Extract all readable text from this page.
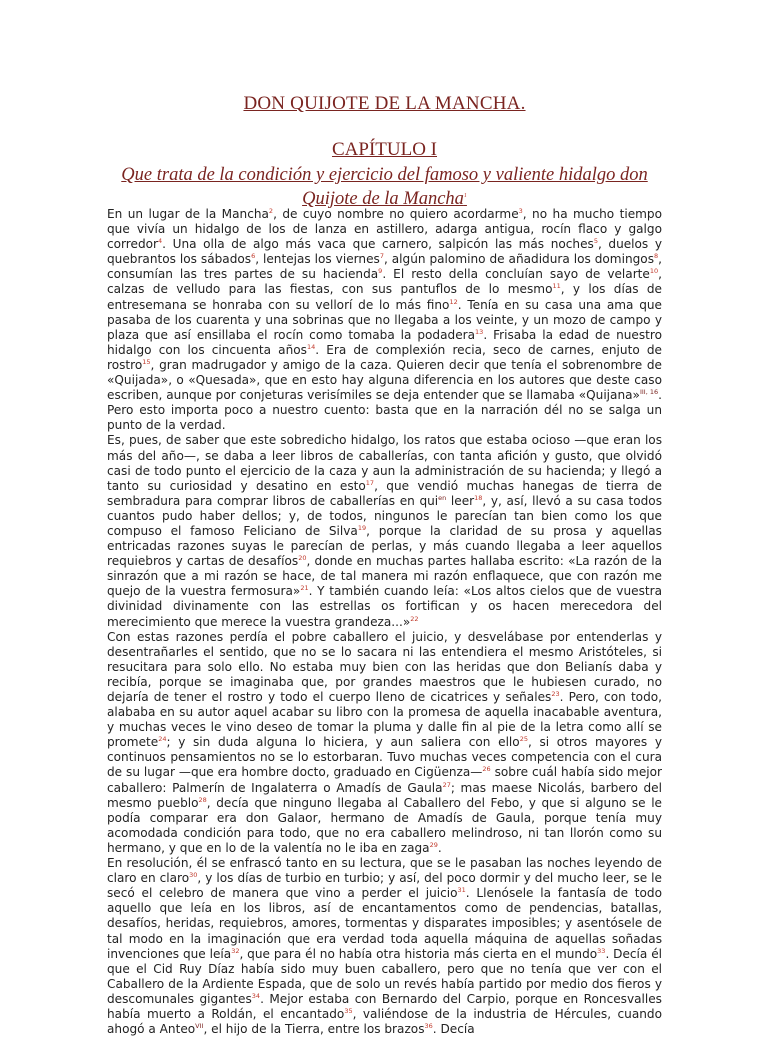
DON QUIJOTE DE LA MANCHA.
CAPÍTULO I
Que trata de la condición y ejercicio del famoso y valiente hidalgo don Quijote de la Mancha$^1$

En un lugar de la Mancha$^2$, de cuyo nombre no quiero acordarme$^3$, no ha mucho tiempo que vivía un hidalgo de los de lanza en astillero, adarga antigua, rocín flaco y galgo corredor$^4$. Una olla de algo más vaca que carnero, salpicón las más noches$^5$, duelos y quebrantos los sábados$^6$, lentejas los viernes$^7$, algún palomino de añadidura los domingos$^8$, consumían las tres partes de su hacienda$^9$. El resto della concluían sayo de velarte$^{10}$, calzas de velludo para las fiestas, con sus pantuflos de lo mesmo$^{11}$, y los días de entresemana se honraba con su vellorí de lo más fino$^{12}$. Tenía en su casa una ama que pasaba de los cuarenta y una sobrinas que no llegaba a los veinte, y un mozo de campo y plaza que así ensillaba el rocín como tomaba la podadera$^{13}$. Frisaba la edad de nuestro hidalgo con los cincuenta años$^{14}$. Era de complexión recia, seco de carnes, enjuto de rostro$^{15}$, gran madrugador y amigo de la caza. Quieren decir que tenía el sobrenombre de «Quijada», o «Quesada», que en esto hay alguna diferencia en los autores que deste caso escriben, aunque por conjeturas verisímiles se deja entender que se llamaba «Quijana»$^{III, 16}$. Pero esto importa poco a nuestro cuento: basta que en la narración dél no se salga un punto de la verdad.

Es, pues, de saber que este sobredicho hidalgo, los ratos que estaba ocioso —que eran los más del año—, se daba a leer libros de caballerías, con tanta afición y gusto, que olvidó casi de todo punto el ejercicio de la caza y aun la administración de su hacienda; y llegó a tanto su curiosidad y desatino en esto$^{17}$, que vendió muchas hanegas de tierra de sembradura para comprar libros de caballerías en qui$^{en}$ leer$^{18}$, y, así, llevó a su casa todos cuantos pudo haber dellos; y, de todos, ningunos le parecían tan bien como los que compuso el famoso Feliciano de Silva$^{19}$, porque la claridad de su prosa y aquellas entricadas razones suyas le parecían de perlas, y más cuando llegaba a leer aquellos requiebros y cartas de desafíos$^{20}$, donde en muchas partes hallaba escrito: «La razón de la sinrazón que a mi razón se hace, de tal manera mi razón enflaquece, que con razón me quejo de la vuestra fermosura»$^{21}$. Y también cuando leía: «Los altos cielos que de vuestra divinidad divinamente con las estrellas os fortifican y os hacen merecedora del merecimiento que merece la vuestra grandeza...»$^{22}$

Con estas razones perdía el pobre caballero el juicio, y desvelábase por entenderlas y desentrañarles el sentido, que no se lo sacara ni las entendiera el mesmo Aristóteles, si resucitara para solo ello. No estaba muy bien con las heridas que don Belianís daba y recibía, porque se imaginaba que, por grandes maestros que le hubiesen curado, no dejaría de tener el rostro y todo el cuerpo lleno de cicatrices y señales$^{23}$. Pero, con todo, alababa en su autor aquel acabar su libro con la promesa de aquella inacabable aventura, y muchas veces le vino deseo de tomar la pluma y dalle fin al pie de la letra como allí se promete$^{24}$; y sin duda alguna lo hiciera, y aun saliera con ello$^{25}$, si otros mayores y continuos pensamientos no se lo estorbaran. Tuvo muchas veces competencia con el cura de su lugar —que era hombre docto, graduado en Cigüenza—$^{26}$ sobre cuál había sido mejor caballero: Palmerín de Ingalaterra o Amadís de Gaula$^{27}$; mas maese Nicolás, barbero del mesmo pueblo$^{28}$, decía que ninguno llegaba al Caballero del Febo, y que si alguno se le podía comparar era don Galaor, hermano de Amadís de Gaula, porque tenía muy acomodada condición para todo, que no era caballero melindroso, ni tan llorón como su hermano, y que en lo de la valentía no le iba en zaga$^{29}$.

En resolución, él se enfrascó tanto en su lectura, que se le pasaban las noches leyendo de claro en claro$^{30}$, y los días de turbio en turbio; y así, del poco dormir y del mucho leer, se le secó el celebro de manera que vino a perder el juicio$^{31}$. Llenósele la fantasía de todo aquello que leía en los libros, así de encantamentos como de pendencias, batallas, desafíos, heridas, requiebros, amores, tormentas y disparates imposibles; y asentósele de tal modo en la imaginación que era verdad toda aquella máquina de aquellas soñadas invenciones que leía$^{32}$, que para él no había otra historia más cierta en el mundo$^{33}$. Decía él que el Cid Ruy Díaz había sido muy buen caballero, pero que no tenía que ver con el Caballero de la Ardiente Espada, que de solo un revés había partido por medio dos fieros y descomunales gigantes$^{34}$. Mejor estaba con Bernardo del Carpio, porque en Roncesvalles había muerto a Roldán, el encantado$^{35}$, valiéndose de la industria de Hércules, cuando ahogó a Anteo$^{VII}$, el hijo de la Tierra, entre los brazos$^{36}$. Decía
